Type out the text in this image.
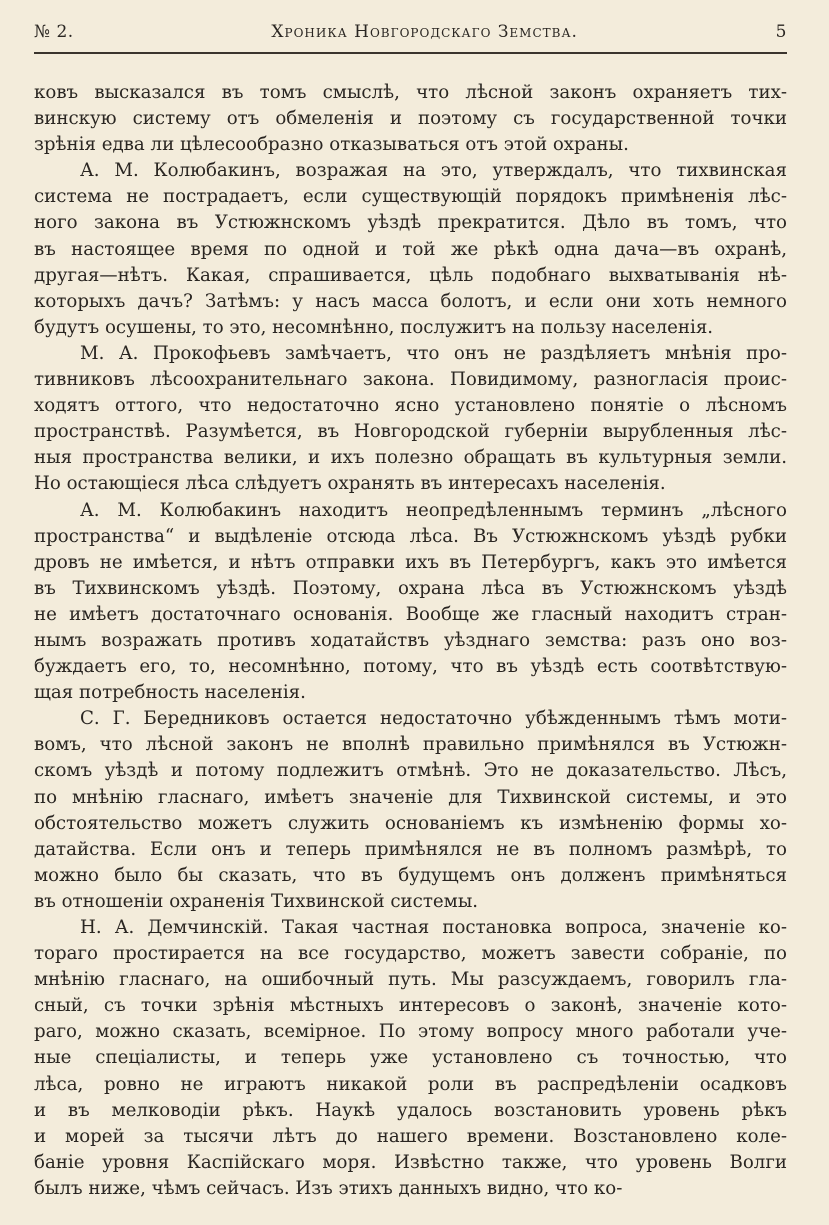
№ 2.	Хроника Новгородскаго Земства.	5

ковъ высказался въ томъ смыслѣ, что лѣсной законъ охраняетъ тих-
винскую систему отъ обмеленія и поэтому съ государственной точки
зрѣнія едва ли цѣлесообразно отказываться отъ этой охраны.

А. М. Колюбакинъ, возражая на это, утверждалъ, что тихвинская
система не пострадаетъ, если существующій порядокъ примѣненія лѣс-
ного закона въ Устюжнскомъ уѣздѣ прекратится. Дѣло въ томъ, что
въ настоящее время по одной и той же рѣкѣ одна дача—въ охранѣ,
другая—нѣтъ. Какая, спрашивается, цѣль подобнаго выхватыванія нѣ-
которыхъ дачъ? Затѣмъ: у насъ масса болотъ, и если они хоть немного
будутъ осушены, то это, несомнѣнно, послужитъ на пользу населенія.

М. А. Прокофьевъ замѣчаетъ, что онъ не раздѣляетъ мнѣнія про-
тивниковъ лѣсоохранительнаго закона. Повидимому, разногласія проис-
ходятъ оттого, что недостаточно ясно установлено понятіе о лѣсномъ
пространствѣ. Разумѣется, въ Новгородской губерніи вырубленныя лѣс-
ныя пространства велики, и ихъ полезно обращать въ культурныя земли.
Но остающіеся лѣса слѣдуетъ охранять въ интересахъ населенія.

А. М. Колюбакинъ находитъ неопредѣленнымъ терминъ „лѣсного
пространства“ и выдѣленіе отсюда лѣса. Въ Устюжнскомъ уѣздѣ рубки
дровъ не имѣется, и нѣтъ отправки ихъ въ Петербургъ, какъ это имѣется
въ Тихвинскомъ уѣздѣ. Поэтому, охрана лѣса въ Устюжнскомъ уѣздѣ
не имѣетъ достаточнаго основанія. Вообще же гласный находитъ стран-
нымъ возражать противъ ходатайствъ уѣзднаго земства: разъ оно воз-
буждаетъ его, то, несомнѣнно, потому, что въ уѣздѣ есть соотвѣтствую-
щая потребность населенія.

С. Г. Бередниковъ остается недостаточно убѣжденнымъ тѣмъ моти-
вомъ, что лѣсной законъ не вполнѣ правильно примѣнялся въ Устюжн-
скомъ уѣздѣ и потому подлежитъ отмѣнѣ. Это не доказательство. Лѣсъ,
по мнѣнію гласнаго, имѣетъ значеніе для Тихвинской системы, и это
обстоятельство можетъ служить основаніемъ къ измѣненію формы хо-
датайства. Если онъ и теперь примѣнялся не въ полномъ размѣрѣ, то
можно было бы сказать, что въ будущемъ онъ долженъ примѣняться
въ отношеніи охраненія Тихвинской системы.

Н. А. Демчинскій. Такая частная постановка вопроса, значеніе ко-
тораго простирается на все государство, можетъ завести собраніе, по
мнѣнію гласнаго, на ошибочный путь. Мы разсуждаемъ, говорилъ гла-
сный, съ точки зрѣнія мѣстныхъ интересовъ о законѣ, значеніе кото-
раго, можно сказать, всемірное. По этому вопросу много работали уче-
ные спеціалисты, и теперь уже установлено съ точностью, что
лѣса, ровно не играютъ никакой роли въ распредѣленіи осадковъ
и въ мелководіи рѣкъ. Наукѣ удалось возстановить уровень рѣкъ
и морей за тысячи лѣтъ до нашего времени. Возстановлено коле-
баніе уровня Каспійскаго моря. Извѣстно также, что уровень Волги
былъ ниже, чѣмъ сейчасъ. Изъ этихъ данныхъ видно, что ко-
